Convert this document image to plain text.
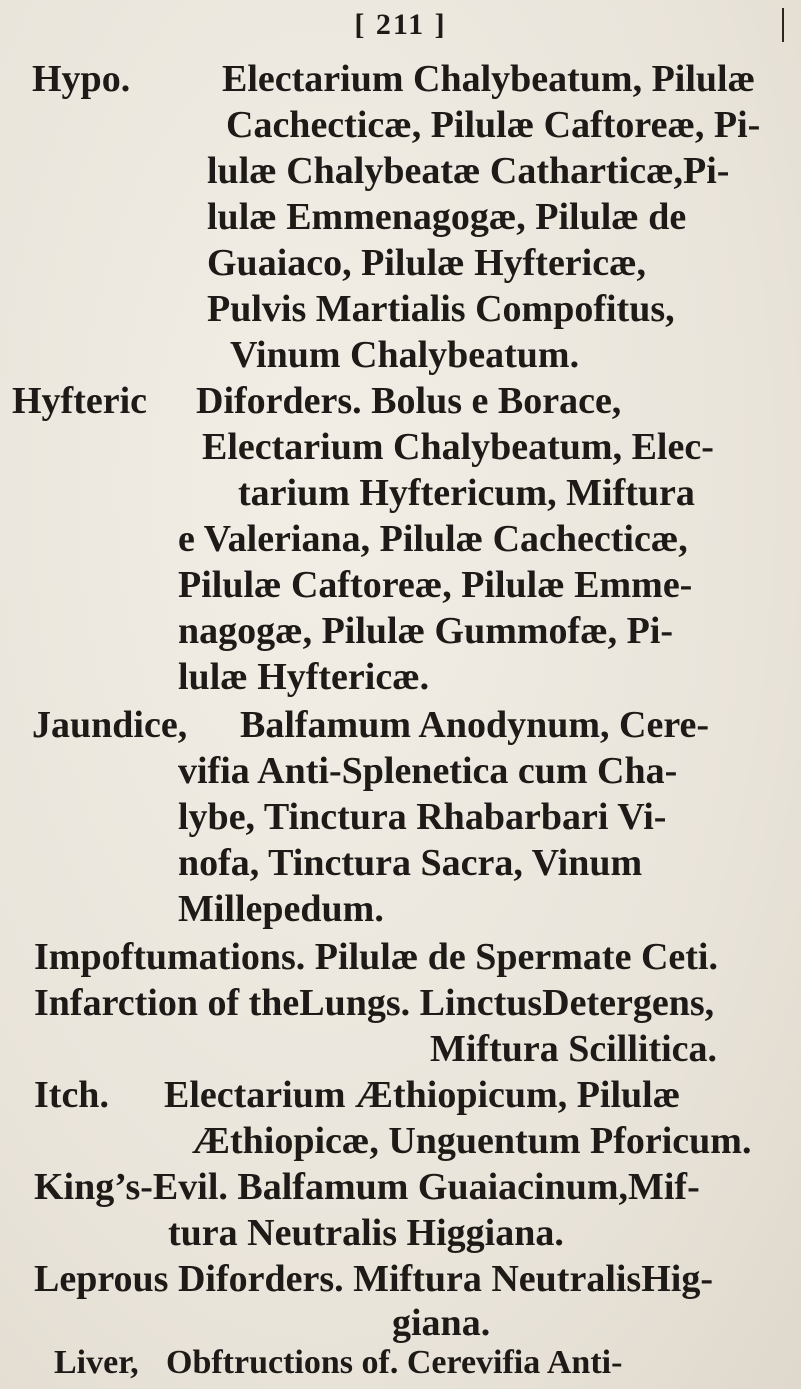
[ 211 ]
Hypo. Electarium Chalybeatum, Pilulæ
Cachecticæ, Pilulæ Caftoreæ, Pi-
lulæ Chalybeatæ Catharticæ,Pi-
lulæ Emmenagogæ, Pilulæ de
Guaiaco, Pilulæ Hyftericæ,
Pulvis Martialis Compofitus,
Vinum Chalybeatum.
Hyfteric Diforders. Bolus e Borace,
Electarium Chalybeatum, Elec-
tarium Hyftericum, Miftura
e Valeriana, Pilulæ Cachecticæ,
Pilulæ Caftoreæ, Pilulæ Emme-
nagogæ, Pilulæ Gummofæ, Pi-
lulæ Hyftericæ.
Jaundice, Balfamum Anodynum, Cere-
vifia Anti-Splenetica cum Cha-
lybe, Tinctura Rhabarbari Vi-
nofa, Tinctura Sacra, Vinum
Millepedum.
Impoftumations. Pilulæ de Spermate Ceti.
Infarction of theLungs. LinctusDetergens,
Miftura Scillitica.
Itch. Electarium Æthiopicum, Pilulæ
Æthiopicæ, Unguentum Pforicum.
King’s-Evil. Balfamum Guaiacinum,Mif-
tura Neutralis Higgiana.
Leprous Diforders. Miftura NeutralisHig-
giana.
Liver, Obftructions of. Cerevifia Anti-
